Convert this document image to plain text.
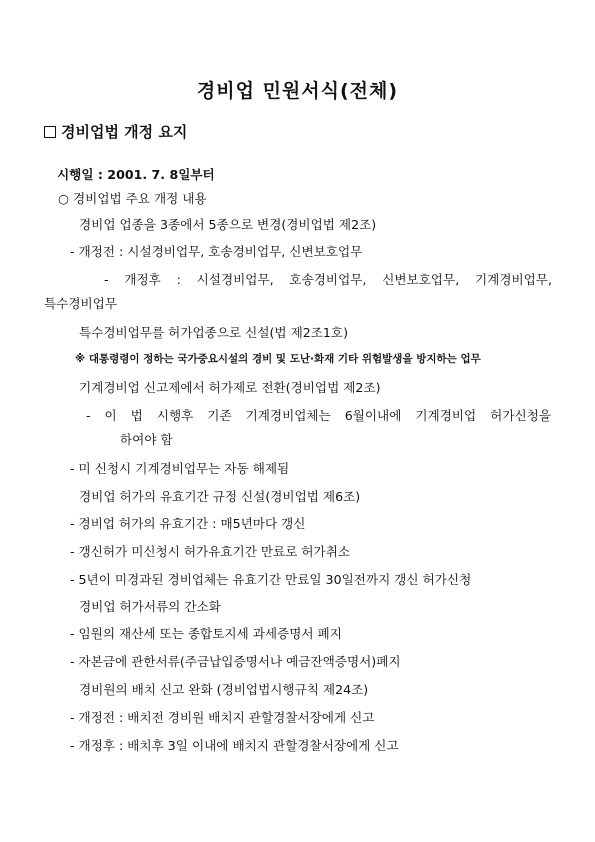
경비업 민원서식(전체)
경비업법 개정 요지
시행일 : 2001. 7. 8일부터
○ 경비업법 주요 개정 내용
경비업 업종을 3종에서 5종으로 변경(경비업법 제2조)
- 개정전 : 시설경비업무, 호송경비업무, 신변보호업무
- 개정후 : 시설경비업무, 호송경비업무, 신변보호업무, 기계경비업무,
특수경비업무
특수경비업무를 허가업종으로 신설(법 제2조1호)
※ 대통령령이 정하는 국가중요시설의 경비 및 도난·화재 기타 위험발생을 방지하는 업무
기계경비업 신고제에서 허가제로 전환(경비업법 제2조)
- 이 법 시행후 기존 기계경비업체는 6월이내에 기계경비업 허가신청을
하여야 함
- 미 신청시 기계경비업무는 자동 해제됨
경비업 허가의 유효기간 규정 신설(경비업법 제6조)
- 경비업 허가의 유효기간 : 매5년마다 갱신
- 갱신허가 미신청시 허가유효기간 만료로 허가취소
- 5년이 미경과된 경비업체는 유효기간 만료일 30일전까지 갱신 허가신청
경비업 허가서류의 간소화
- 임원의 재산세 또는 종합토지세 과세증명서 폐지
- 자본금에 관한서류(주금납입증명서나 예금잔액증명서)폐지
경비원의 배치 신고 완화 (경비업법시행규칙 제24조)
- 개정전 : 배치전 경비원 배치지 관할경찰서장에게 신고
- 개정후 : 배치후 3일 이내에 배치지 관할경찰서장에게 신고
